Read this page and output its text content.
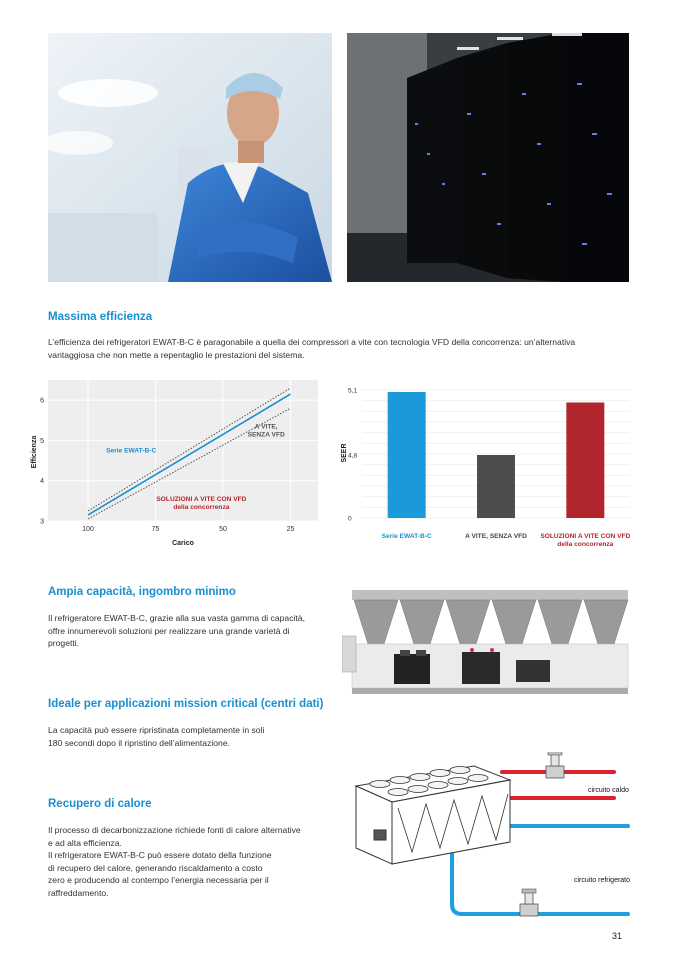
Massima efficienza

L’efficienza dei refrigeratori EWAT-B-C è paragonabile a quella dei compressori a vite con tecnologia VFD della concorrenza: un’alternativa
vantaggiosa che non mette a repentaglio le prestazioni del sistema.

Serie EWAT-B-C
A VITE,
SENZA VFD
SOLUZIONI A VITE CON VFD
della concorrenza
100	75	50	25
3
4
5
6
Carico
Efficienza
0
4,8
5,1
Serie EWAT-B-C	A VITE, SENZA VFD SOLUZIONI A VITE CON VFD
della concorrenza
SEER
Ampia capacità, ingombro minimo

Il refrigeratore EWAT-B-C, grazie alla sua vasta gamma di capacità,
offre innumerevoli soluzioni per realizzare una grande varietà di
progetti.

Ideale per applicazioni mission critical (centri dati)

La capacità può essere ripristinata completamente in soli
180 secondi dopo il ripristino dell’alimentazione.

Recupero di calore

Il processo di decarbonizzazione richiede fonti di calore alternative
e ad alta efficienza.
Il refrigeratore EWAT-B-C può essere dotato della funzione
di recupero del calore, generando riscaldamento a costo
zero e producendo al contempo l’energia necessaria per il
raffreddamento.

circuito caldo
circuito refrigerato
31
